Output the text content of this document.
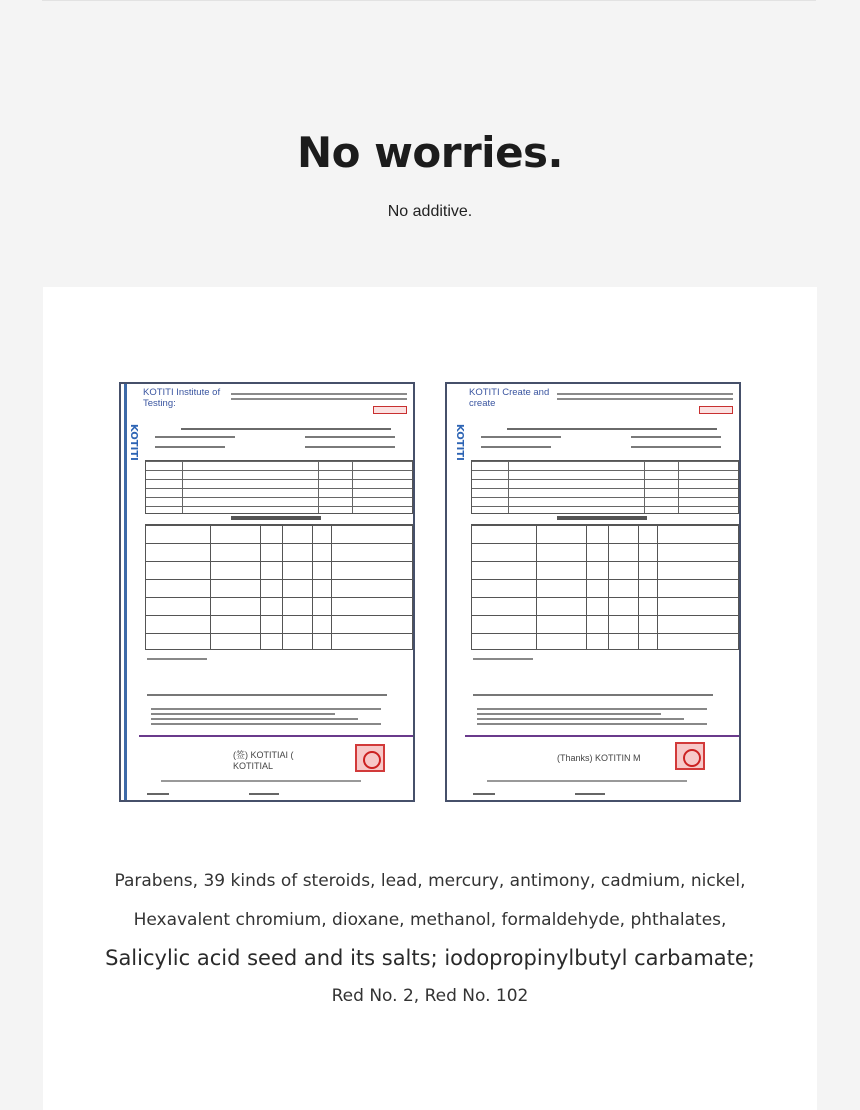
No worries.

No additive.

KOTITI
KOTITI Institute of Testing:
(签) KOTITIAI ( KOTITIAL
KOTITI
KOTITI Create and create
(Thanks) KOTITIN M

Parabens, 39 kinds of steroids, lead, mercury, antimony, cadmium, nickel,

Hexavalent chromium, dioxane, methanol, formaldehyde, phthalates,

Salicylic acid seed and its salts; iodopropinylbutyl carbamate;

Red No. 2, Red No. 102
